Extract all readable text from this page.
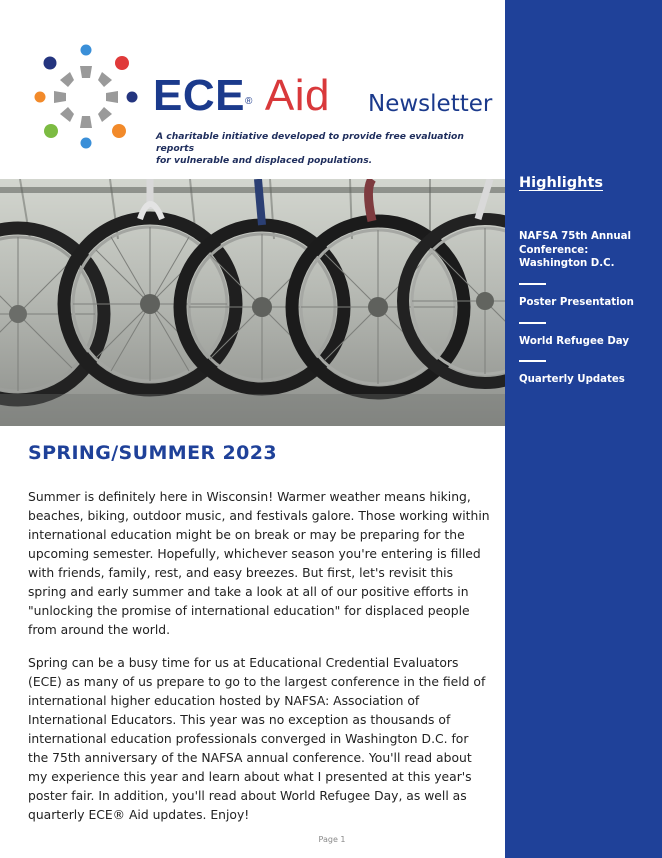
ECE® Aid Newsletter
A charitable initiative developed to provide free evaluation reports
for vulnerable and displaced populations.
Highlights
NAFSA 75th Annual Conference: Washington D.C.
Poster Presentation
World Refugee Day
Quarterly Updates
SPRING/SUMMER 2023

Summer is definitely here in Wisconsin! Warmer weather means hiking, beaches, biking, outdoor music, and festivals galore. Those working within international education might be on break or may be preparing for the upcoming semester. Hopefully, whichever season you're entering is filled with friends, family, rest, and easy breezes. But first, let's revisit this spring and early summer and take a look at all of our positive efforts in "unlocking the promise of international education" for displaced people from around the world.

Spring can be a busy time for us at Educational Credential Evaluators (ECE) as many of us prepare to go to the largest conference in the field of international higher education hosted by NAFSA: Association of International Educators. This year was no exception as thousands of international education professionals converged in Washington D.C. for the 75th anniversary of the NAFSA annual conference. You'll read about my experience this year and learn about what I presented at this year's poster fair. In addition, you'll read about World Refugee Day, as well as quarterly ECE® Aid updates. Enjoy!

Page 1
